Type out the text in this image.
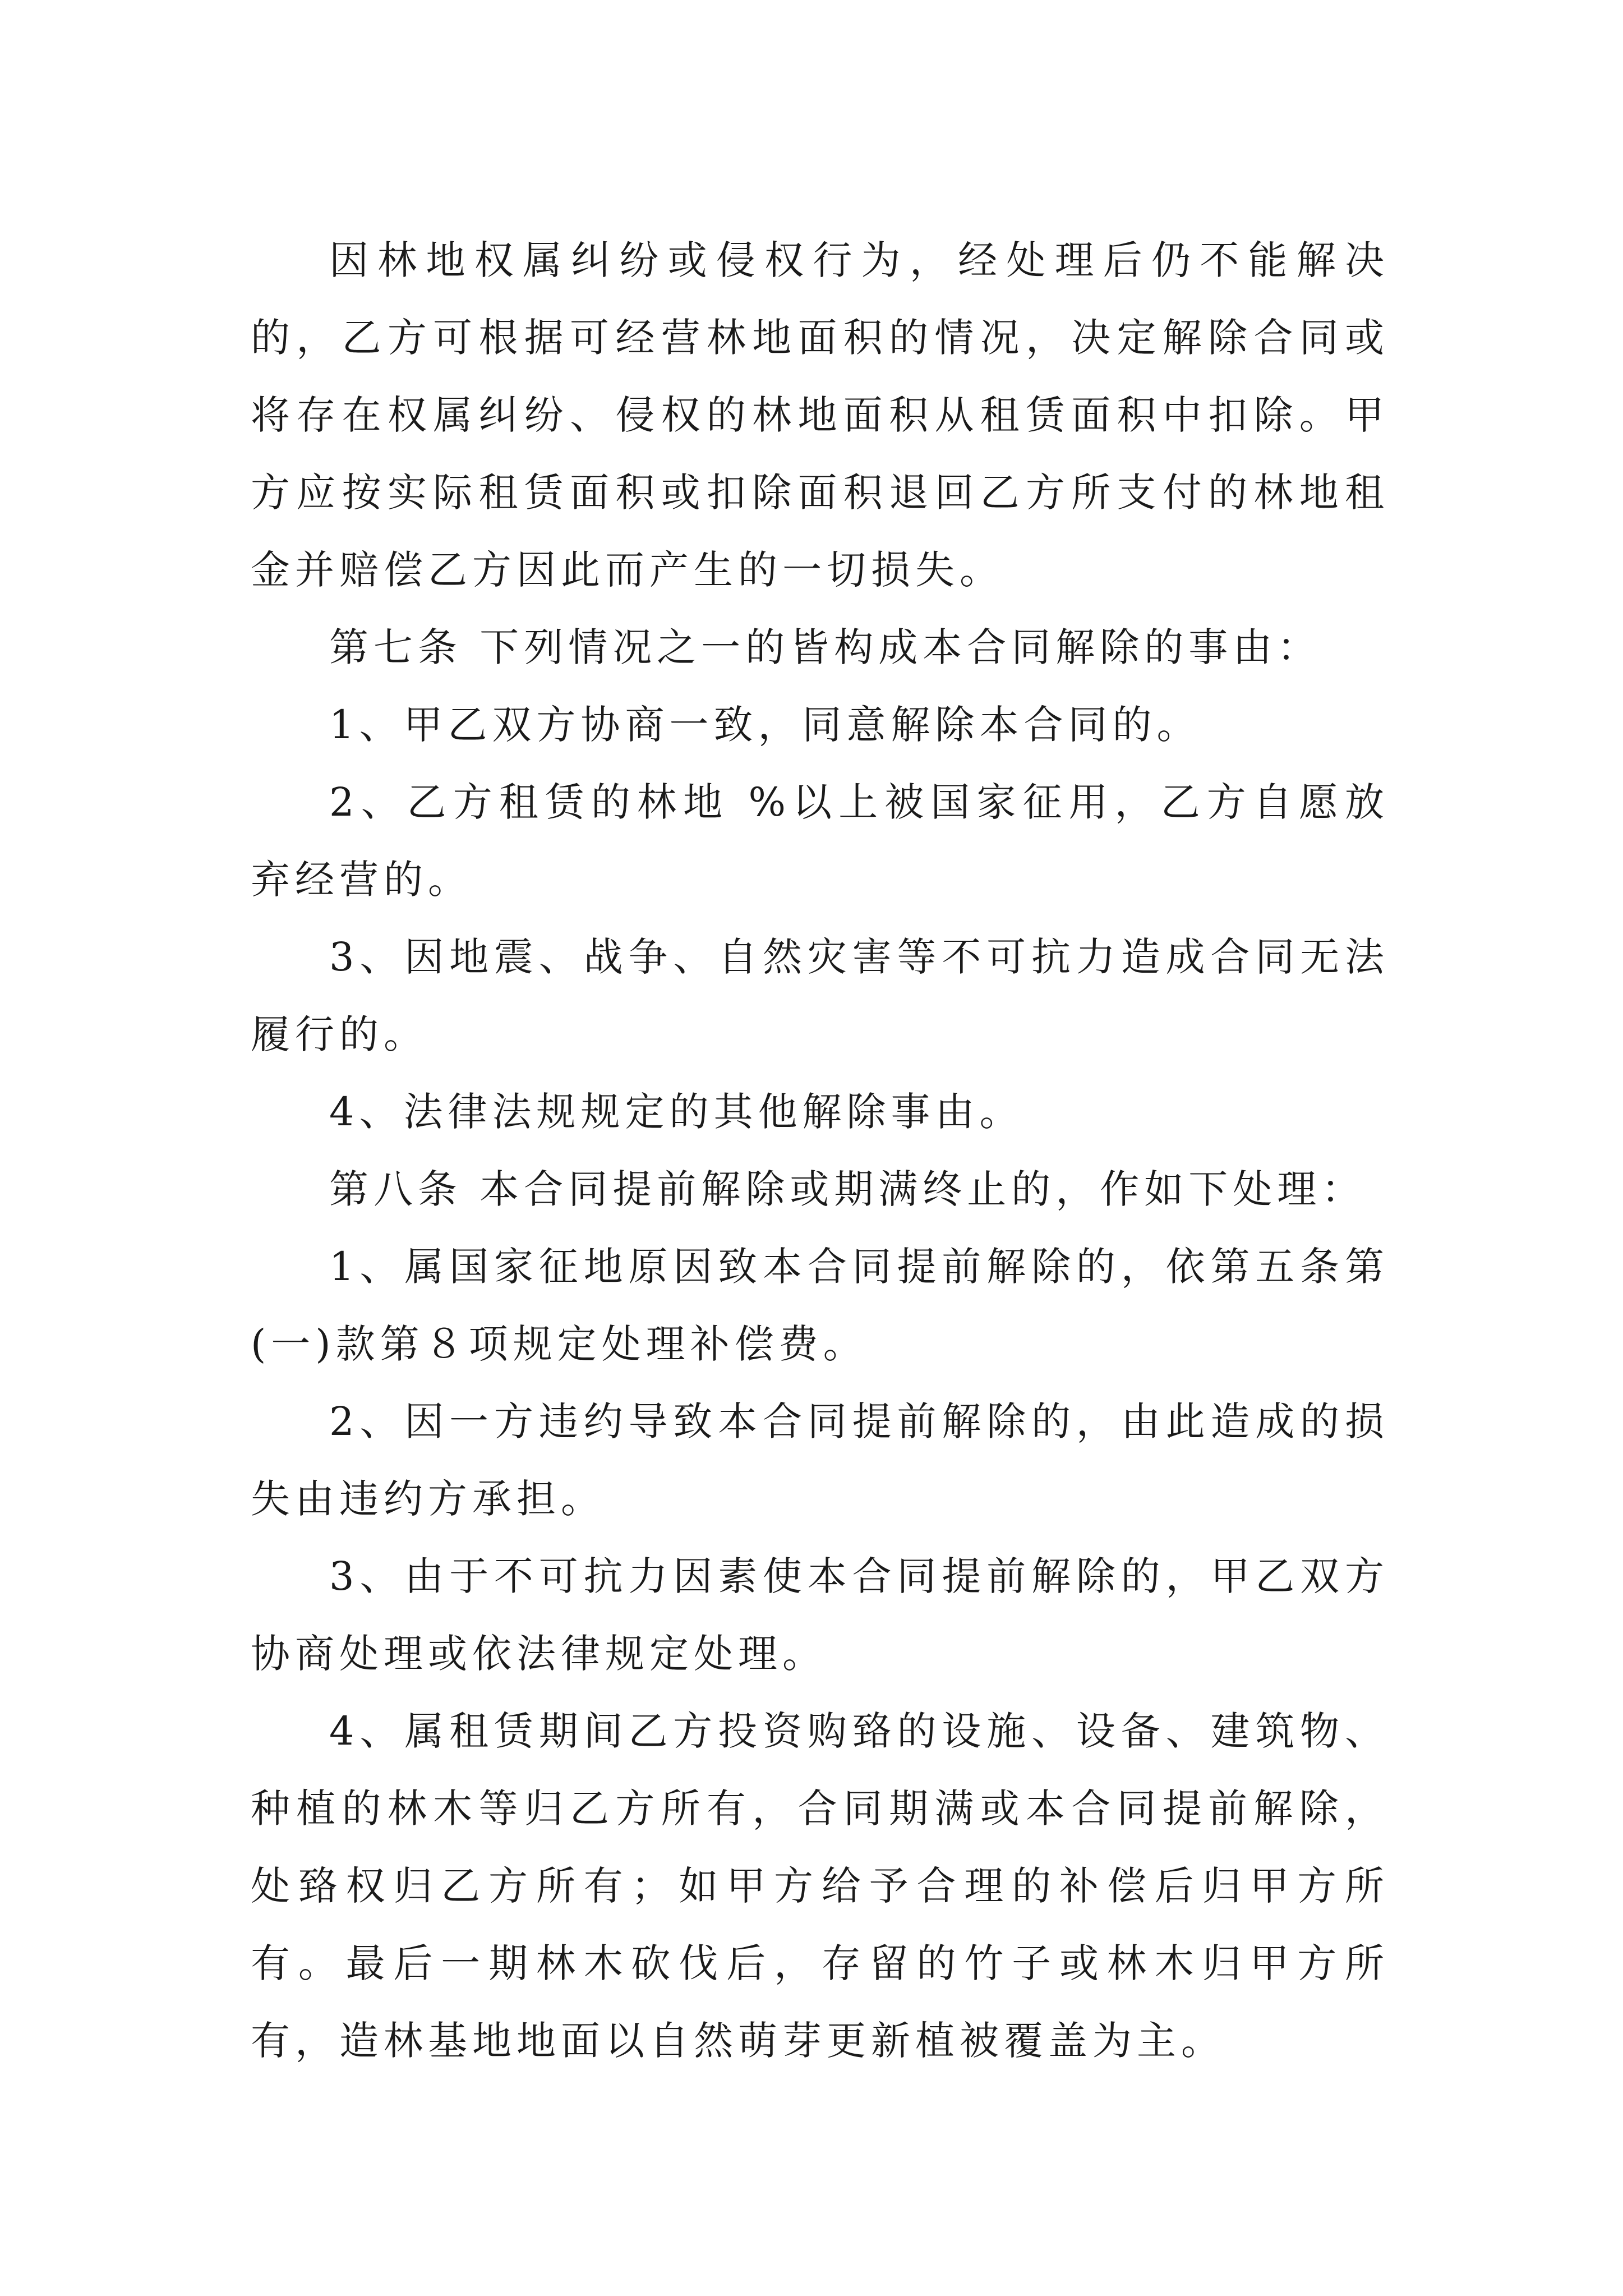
因林地权属纠纷或侵权行为，经处理后仍不能解决的，乙方可根据可经营林地面积的情况，决定解除合同或将存在权属纠纷、侵权的林地面积从租赁面积中扣除。甲方应按实际租赁面积或扣除面积退回乙方所支付的林地租金并赔偿乙方因此而产生的一切损失。

第七条 下列情况之一的皆构成本合同解除的事由：

1、甲乙双方协商一致，同意解除本合同的。

2、乙方租赁的林地 %以上被国家征用，乙方自愿放弃经营的。

3、因地震、战争、自然灾害等不可抗力造成合同无法履行的。

4、法律法规规定的其他解除事由。

第八条 本合同提前解除或期满终止的，作如下处理：

1、属国家征地原因致本合同提前解除的，依第五条第(一)款第８项规定处理补偿费。

2、因一方违约导致本合同提前解除的，由此造成的损失由违约方承担。

3、由于不可抗力因素使本合同提前解除的，甲乙双方协商处理或依法律规定处理。

4、属租赁期间乙方投资购臵的设施、设备、建筑物、种植的林木等归乙方所有，合同期满或本合同提前解除，处臵权归乙方所有；如甲方给予合理的补偿后归甲方所有。最后一期林木砍伐后，存留的竹子或林木归甲方所有，造林基地地面以自然萌芽更新植被覆盖为主。
